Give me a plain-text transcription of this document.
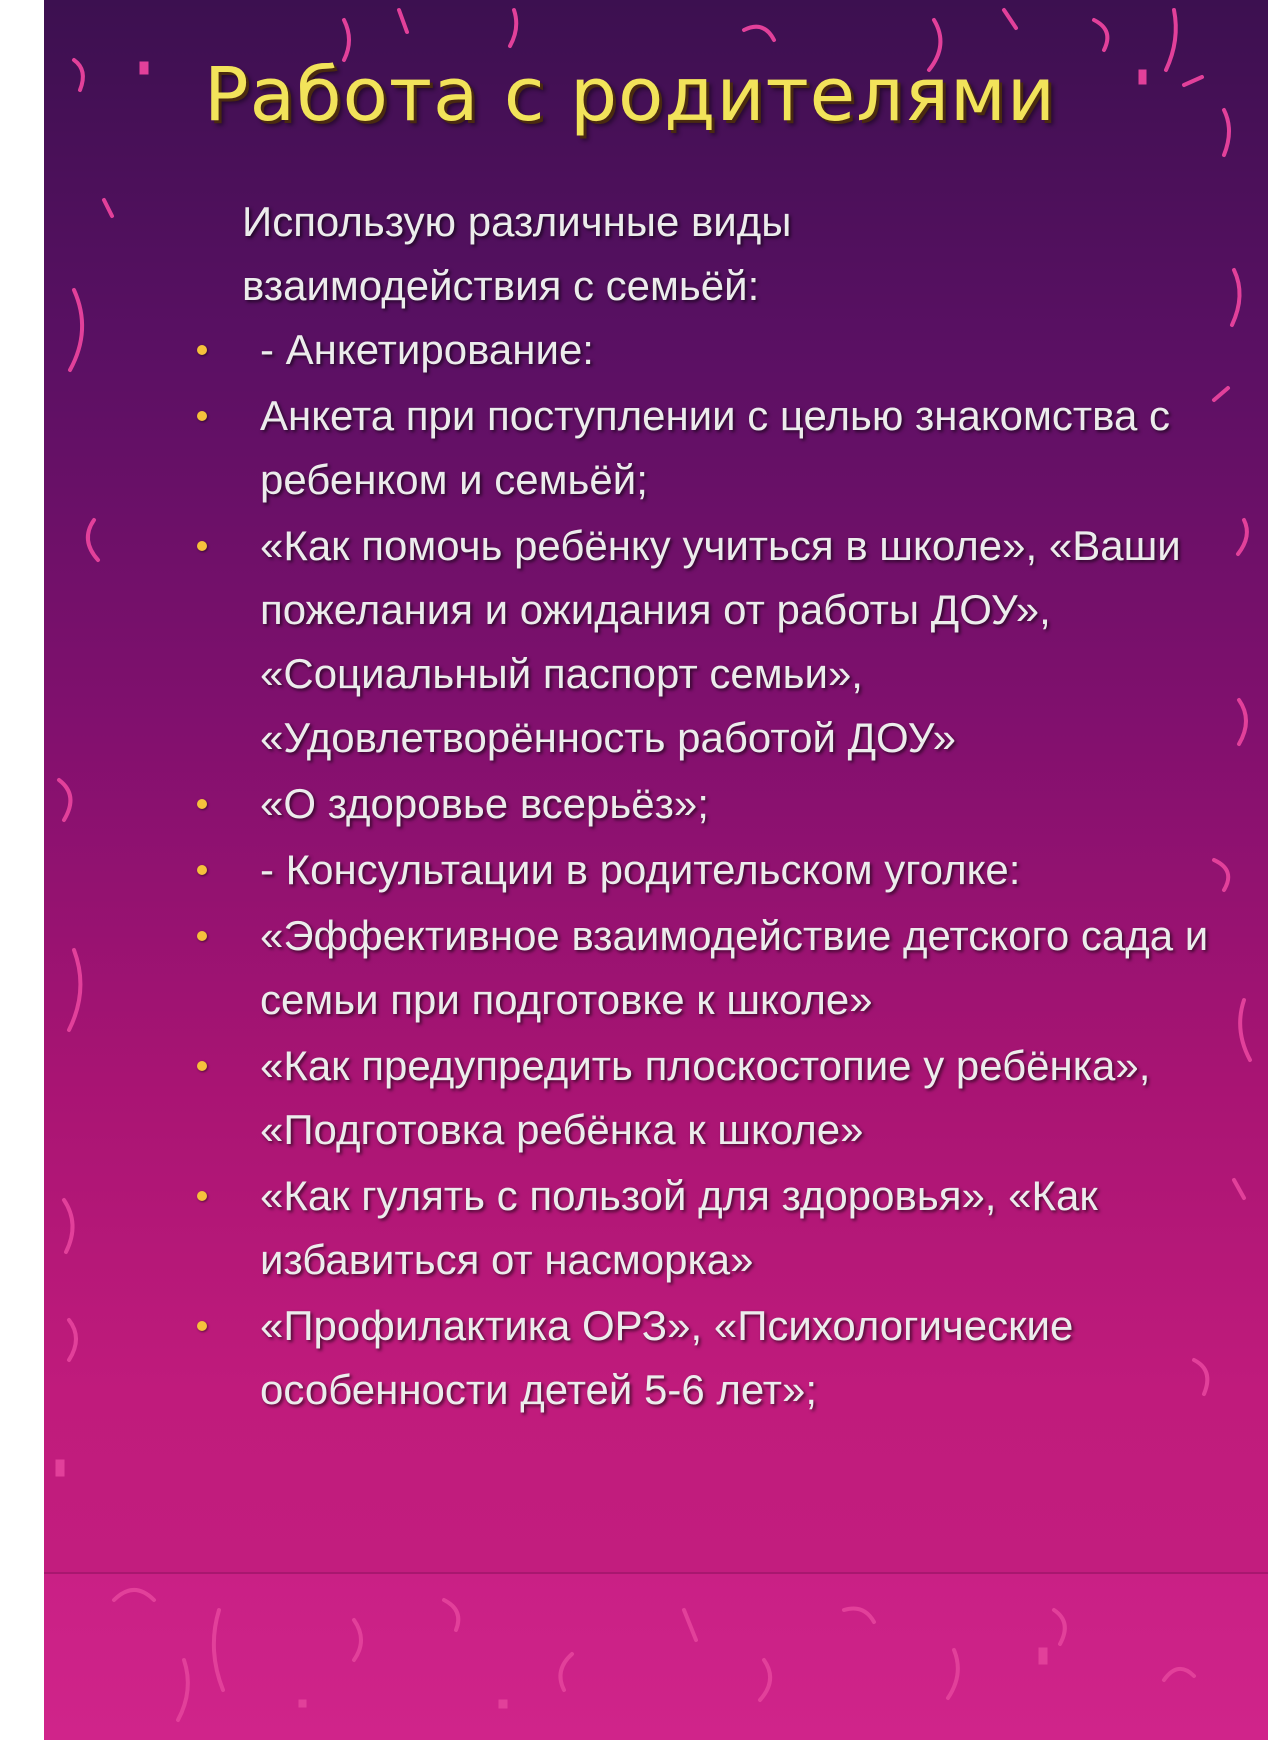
Работа с родителями
Использую различные виды
взаимодействия с семьёй:
- Анкетирование:
Анкета при поступлении с целью знакомства с ребенком и семьёй;
«Как помочь ребёнку учиться в школе», «Ваши пожелания и ожидания от работы ДОУ», «Социальный паспорт семьи», «Удовлетворённость работой ДОУ»
«О здоровье всерьёз»;
- Консультации в родительском уголке:
«Эффективное взаимодействие детского сада и семьи при подготовке к школе»
«Как предупредить плоскостопие у ребёнка», «Подготовка ребёнка к школе»
«Как гулять с пользой для здоровья», «Как избавиться от насморка»
«Профилактика ОРЗ», «Психологические особенности детей 5-6 лет»;
